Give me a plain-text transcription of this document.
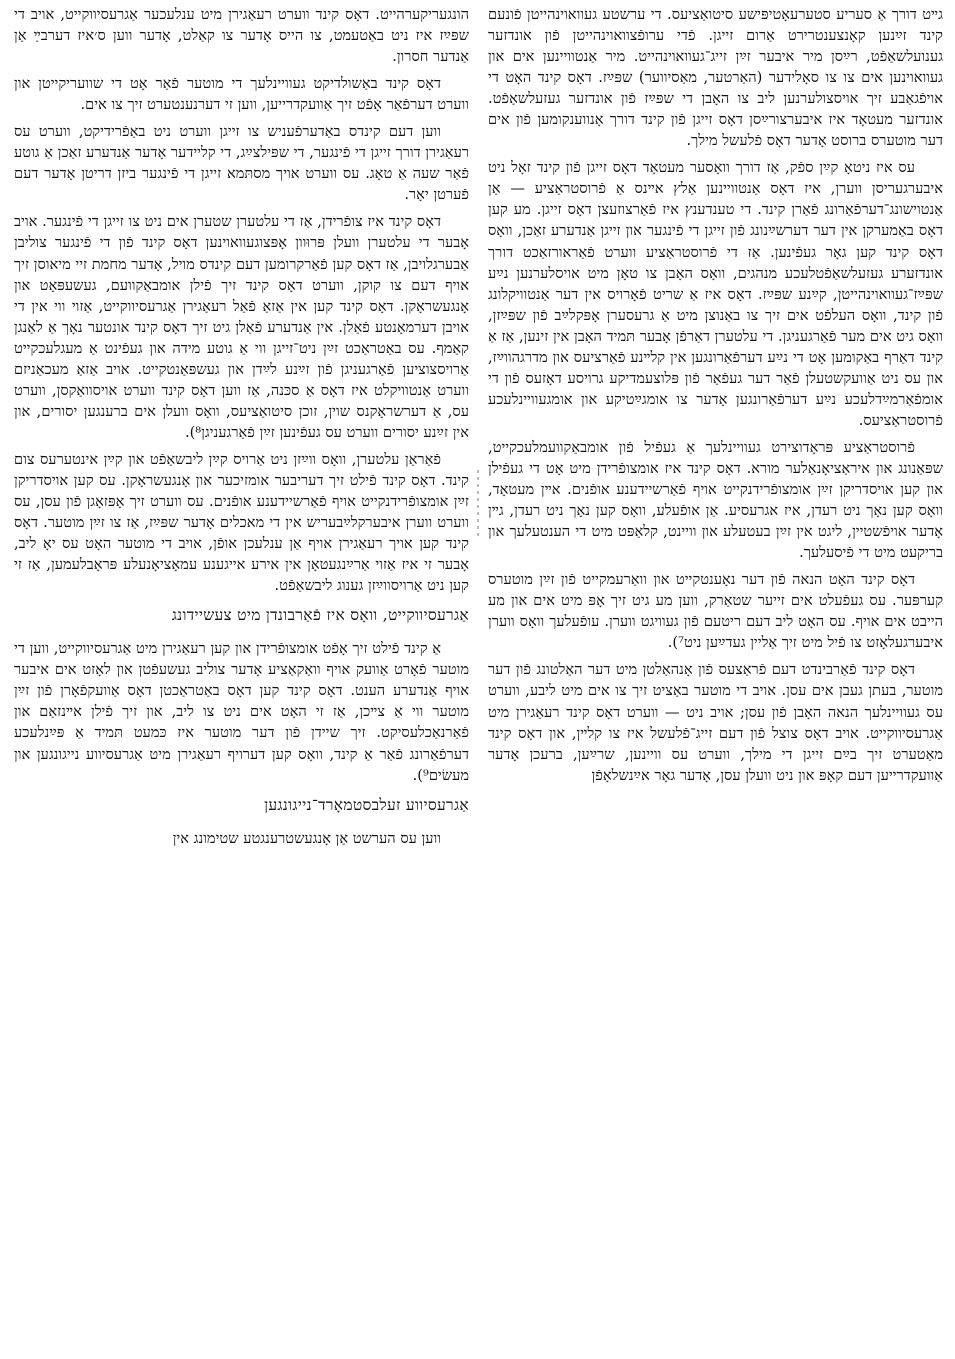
גײט דורך אַ סעריע סטערעאָטיפּישע סיטואַציעס. די ערשטע געוואוינהייטן פֿונעם קינד זײַנען קאָנצענטרירט אַרום זייגן. פֿדי ערופֿצוואוינהייטן פֿון אונדזער גענועלשאַפֿט, רײַסן מיר איבער זײַן זייג־געוואוינהייט. מיר אַנטוויינען אים און געוואוינען אים צו צו סאָלידער (האַרטער, מאַסיווער) שפּײַז. דאָס קינד האָט די אויפֿגאַבע זיך אויסצולערנען ליב צו האָבן די שפּײַז פֿון אונדזער געזעלשאַפֿט. אונדזער מעטאָד איז איבערצורײַסן דאָס זייגן פֿון קינד דורך אָנווענקומען פֿון אים דער מוטערס ברוסט אָדער דאָס פֿלעשל מילך.

עס איז ניטאָ קײַן ספֿק, אַז דורך וואָסער מעטאָד דאָס זייגן פֿון קינד זאָל ניט איבערגעריסן ווערן, איז דאָס אַנטוויינען אַלץ אײנס אַ פֿרוסטראַציע — אַן אַנטוישונג־דערפֿאַרונג פֿאַרן קינד. די טענדענץ איז פֿאַרצוזעצן דאָס זייגן. מע קען דאָס באַמערקן אין דער דערשײַנונג פֿון זייגן די פֿינגער און זייגן אַנדערע זאַכן, וואָס דאָס קינד קען גאָר געפֿינען. אַז די פֿרוסטראַציע ווערט פֿאַראורזאַכט דורך אונדזערע געזעלשאַפֿטלעכע מנהגים, וואָס האָבן צו טאָן מיט אויסלערנען נײַע שפּײַז־געוואוינהייטן, קײַנע שפּײַז. דאָס איז אַ שריט פֿאָרויס אין דער אַנטוויקלונג פֿון קינד, וואָס העלפֿט אים זיך צו באַנוצן מיט אַ גרעסערן אָפּקלײַב פֿון שפּײַזן, וואָס גיט אים מער פֿאַרגעניגן. די עלטערן דאַרפֿן אָבער תּמיד האָבן אין זינען, אַז אַ קינד דאַרף באַקומען אָט די נײַע דערפֿאַרונגען אין קלײנע פֿאַרציעס און מדרגהווײַז, און עס ניט אַוועקשטעלן פֿאַר דער געפֿאַר פֿון פּלוצעמדיקע גרויסע דאָזעס פֿון די אומפֿאַרמײַדלעכע נײַע דערפֿאַרונגען אָדער צו אומגײַטיקע און אומגעוויינלעכע פֿרוסטראַציעס.

פֿרוסטראַציע פּראָדוצירט געוויינלעך אַ געפֿיל פֿון אומבאַקוועמלעכקייט, שפּאַנונג און איראַציאָנאַלער מורא. דאָס קינד איז אומצופֿרידן מיט אָט די געפֿילן און קען אויסדריקן זײַן אומצופֿרידנקייט אויף פֿאַרשיידענע אופֿנים. אײן מעטאָד, וואָס קען נאָך ניט רעדן, איז אגרעסיע. אַן אופֿעלע, וואָס קען נאָך ניט רעדן, גײן אָדער אויפֿשטיין, ליגט אין זײַן בעטעלע און וויינט, קלאַפּט מיט די הענטעלעך און בריקעט מיט די פֿיסעלעך.

דאָס קינד האָט הנאה פֿון דער נאָענטקייט און וואַרעמקייט פֿון זײַן מוטערס קערפּער. עס געפֿעלט אים זייער שטאַרק, ווען מע גיט זיך אָפּ מיט אים און מע הייבט אים אויף. עס האָט ליב דעם ריטעם פֿון געוויגט ווערן. עופֿעלעך וואָס ווערן איבערגעלאָזט צו פֿיל מיט זיך אַליין געדײַען ניט⁷).

דאָס קינד פֿאַרבינדט דעם פֿראַצעס פֿון אָנהאַלטן מיט דער האַלטונג פֿון דער מוטער, בעתן געבן אים עסן. אויב די מוטער באַציט זיך צו אים מיט ליבע, ווערט עס געוויינלעך הנאה האָבן פֿון עסן; אויב ניט — ווערט דאָס קינד רעאַגירן מיט אַגרעסיווקייט. אויב דאָס צוצל פֿון דעם זייג־פֿלעשל איז צו קלײן, און דאָס קינד מאַטערט זיך בײַם זייגן די מילך, ווערט עס וויינען, שרײַען, ברעכן אָדער אַוועקדרייען דעם קאָפּ און ניט וועלן עסן, אָדער גאָר אײַנשלאָפֿן

הונגעריקערהייט. דאָס קינד ווערט רעאַגירן מיט ענלעכער אַגרעסיווקייט, אויב די שפּײַז איז ניט באַטעמט, צו הייס אָדער צו קאַלט, אָדער ווען ס׳איז דערבײַ אַן אַנדער חסרון.

דאָס קינד באַשולדיקט געוויינלעך די מוטער פֿאַר אָט די שוועריקייטן און ווערט דערפֿאַר אָפֿט זיך אַוועקדרייען, ווען זי דערנענטערט זיך צו אים.

ווען דעם קינדס באַדערפֿעניש צו זייגן ווערט ניט באַפֿרידיקט, ווערט עס רעאַגירן דורך זייגן די פֿינגער, די שפּילצײַג, די קליידער אָדער אַנדערע זאַכן אַ גוטע פֿאַר שעה אַ טאָג. עס ווערט אויך מסתּמא זייגן די פֿינגער ביזן דריטן אָדער דעם פֿערטן יאָר.

דאָס קינד איז צופֿרידן, אַז די עלטערן שטערן אים ניט צו זייגן די פֿינגער. אויב אָבער די עלטערן וועלן פּרוּוון אָפּצוגעוואוינען דאָס קינד פֿון די פֿינגער צוליבן אַבערגלויבן, אַז דאָס קען פֿאַרקרומען דעם קינדס מויל, אָדער מחמת זיי מיאוסן זיך אויף דעם צו קוקן, ווערט דאָס קינד זיך פֿילן אומבאַקוועם, געשעפּאָט און אָנגעשראָקן. דאָס קינד קען אין אַזאַ פֿאַל רעאַגירן אַגרעסיווקייט, אַזוי ווי אין די אויבן דערמאָנטע פֿאַלן. אין אַנדערע פֿאַלן גיט זיך דאָס קינד אונטער נאָך אַ לאַנגן קאַמף. עס באַטראַכט זײַן ניט־זייגן ווי אַ גוטע מידה און געפֿינט אַ מעגלעכקייט אַרויסצוציען פֿאַרגעניגן פֿון זײַנע לײַדן און געשפּאַנטקייט. אויב אַזאַ מעכאַניזם ווערט אַנטוויקלט איז דאָס אַ סכּנה, אַז ווען דאָס קינד ווערט אויסוואַקסן, ווערט עס, אַ דערשראָקנס שוין, זוכן סיטואַציעס, וואָס וועלן אים ברענגען יסורים, און אין זײַנע יסורים ווערט עס געפֿינען זײַן פֿאַרגעניגן⁸).

פֿאַראַן עלטערן, וואָס ווײַזן ניט אַרויס קײַן ליבשאַפֿט און קײַן אינטערעס צום קינד. דאָס קינד פֿילט זיך דעריבער אומזיכער און אָנגעשראָקן. עס קען אויסדריקן זײַן אומצופֿרידנקייט אויף פֿאַרשיידענע אופֿנים. עס ווערט זיך אָפּזאָגן פֿון עסן, עס ווערט ווערן איבערקלײַבעריש אין די מאכלים אָדער שפּײַז, אַז צו זײַן מוטער. דאָס קינד קען אויך רעאַגירן אויף אַן ענלעכן אופֿן, אויב די מוטער האָט עס יאָ ליב, אָבער זי איז אַזוי אַרײַנגעטאָן אין אירע אייגענע עמאָציאָנעלע פּראָבלעמען, אַז זי קען ניט אַרויסווײַזן גענוג ליבשאַפֿט.

אַגרעסיווקייט, וואָס איז פֿאַרבונדן מיט צעשיידונג

אַ קינד פֿילט זיך אָפֿט אומצופֿרידן און קען רעאַגירן מיט אַגרעסיווקייט, ווען די מוטער פֿאָרט אַוועק אויף וואַקאַציע אָדער צוליב געשעפֿטן און לאָזט אים איבער אויף אַנדערע הענט. דאָס קינד קען דאָס באַטראַכטן דאָס אַוועקפֿאָרן פֿון זײַן מוטער ווי אַ צײכן, אַז זי האָט אים ניט צו ליב, און זיך פֿילן אײנזאַם און פֿאַרנאַכלעסיקט. זיך שיידן פֿון דער מוטער איז כּמעט תּמיד אַ פּײַנלעכע דערפֿאַרונג פֿאַר אַ קינד, וואָס קען דערויף רעאַגירן מיט אַגרעסיווע נייגונגען און מעשׂים⁹).

אַגרעסיווע זעלבסטמאָרד־נייגונגען

ווען עס הערשט אַן אָנגעשטרענגטע שטימונג אין
